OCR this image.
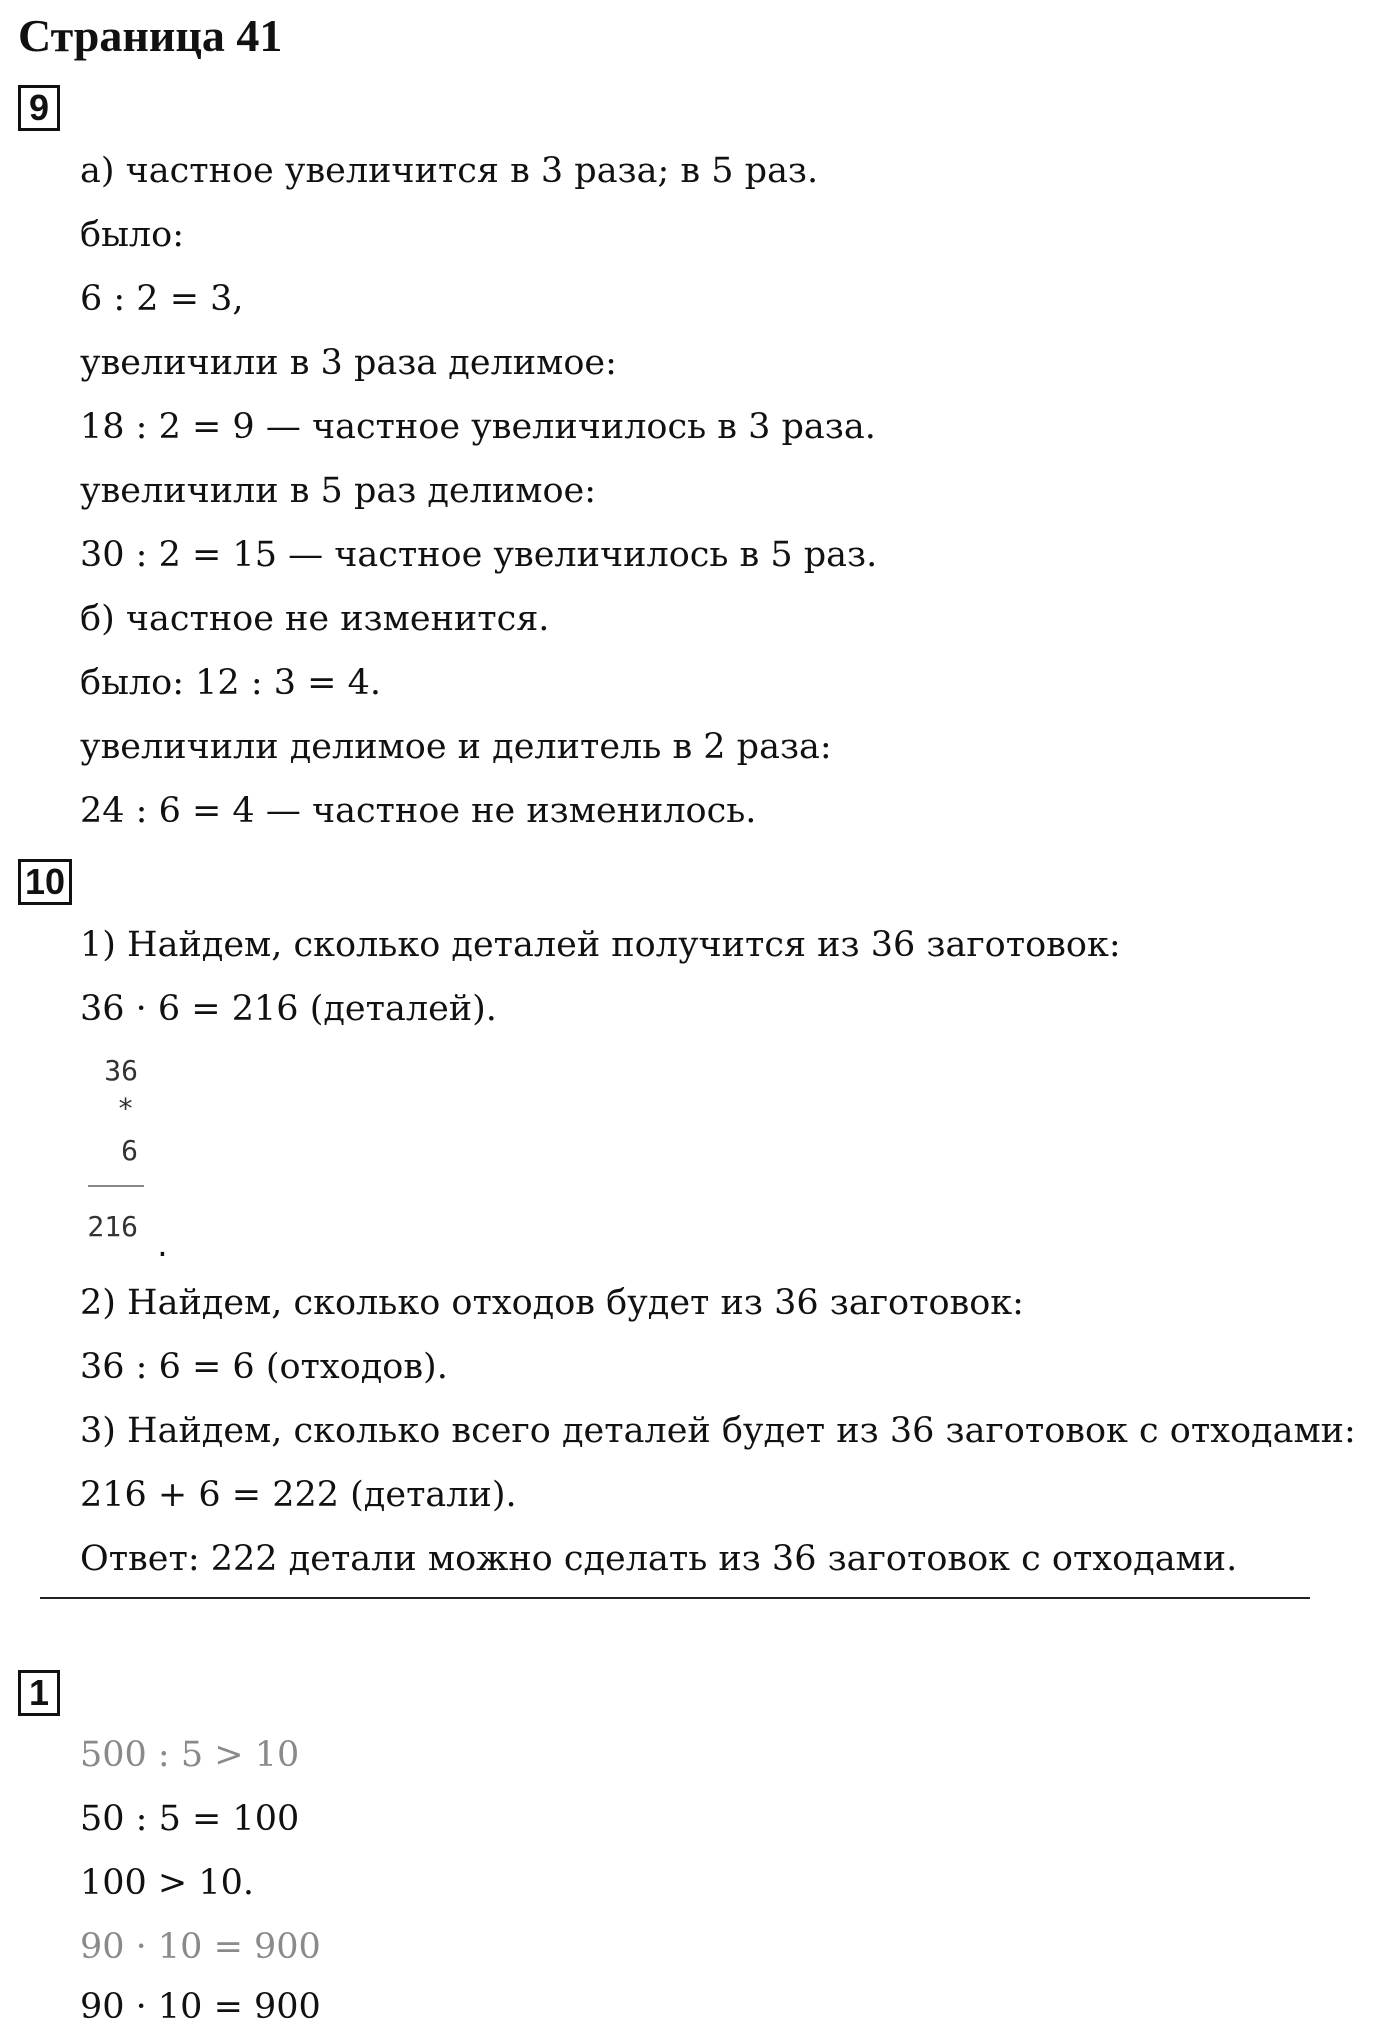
Страница 41
9
а) частное увеличится в 3 раза; в 5 раз.
было:
6 : 2 = 3,
увеличили в 3 раза делимое:
18 : 2 = 9 — частное увеличилось в 3 раза.
увеличили в 5 раз делимое:
30 : 2 = 15 — частное увеличилось в 5 раз.
б) частное не изменится.
было: 12 : 3 = 4.
увеличили делимое и делитель в 2 раза:
24 : 6 = 4 — частное не изменилось.
10
1) Найдем, сколько деталей получится из 36 заготовок:
36 · 6 = 216 (деталей).
36
*
6
216
.
2) Найдем, сколько отходов будет из 36 заготовок:
36 : 6 = 6 (отходов).
3) Найдем, сколько всего деталей будет из 36 заготовок с отходами:
216 + 6 = 222 (детали).
Ответ: 222 детали можно сделать из 36 заготовок с отходами.
1
500 : 5 > 10
50 : 5 = 100
100 > 10.
90 · 10 = 900
90 · 10 = 900
